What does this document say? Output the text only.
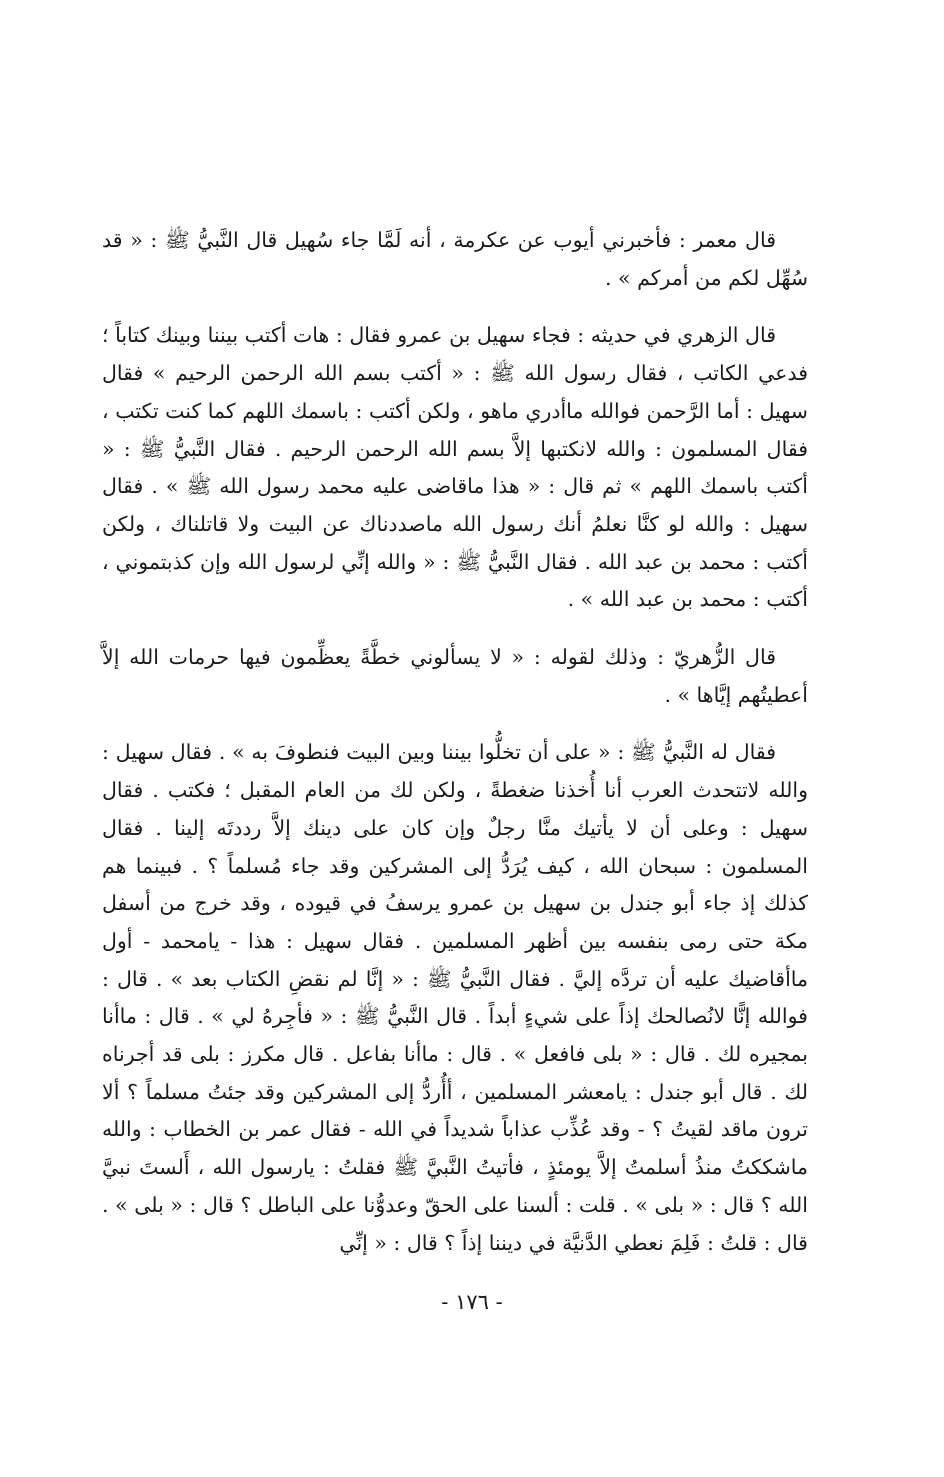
قال معمر : فأخبرني أيوب عن عكرمة ، أنه لَمَّا جاء سُهيل قال النَّبيُّ ﷺ : « قد سُهِّل لكم من أمركم » .

قال الزهري في حديثه : فجاء سهيل بن عمرو فقال : هات أكتب بيننا وبينك كتاباً ؛ فدعي الكاتب ، فقال رسول الله ﷺ : « أكتب بسم الله الرحمن الرحيم » فقال سهيل : أما الرَّحمن فوالله ماأدري ماهو ، ولكن أكتب : باسمك اللهم كما كنت تكتب ، فقال المسلمون : والله لانكتبها إلاَّ بسم الله الرحمن الرحيم . فقال النَّبيُّ ﷺ : « أكتب باسمك اللهم » ثم قال : « هذا ماقاضى عليه محمد رسول الله ﷺ » . فقال سهيل : والله لو كنَّا نعلمُ أنك رسول الله ماصددناك عن البيت ولا قاتلناك ، ولكن أكتب : محمد بن عبد الله . فقال النَّبيُّ ﷺ : « والله إنِّي لرسول الله وإن كذبتموني ، أكتب : محمد بن عبد الله » .

قال الزُّهريّ : وذلك لقوله : « لا يسألوني خطَّةً يعظِّمون فيها حرمات الله إلاَّ أعطيتُهم إيَّاها » .

فقال له النَّبيُّ ﷺ : « على أن تخلُّوا بيننا وبين البيت فنطوفَ به » . فقال سهيل : والله لاتتحدث العرب أنا أُخذنا ضغطةً ، ولكن لك من العام المقبل ؛ فكتب . فقال سهيل : وعلى أن لا يأتيك منَّا رجلٌ وإن كان على دينك إلاَّ رددتَه إلينا . فقال المسلمون : سبحان الله ، كيف يُرَدُّ إلى المشركين وقد جاء مُسلماً ؟ . فبينما هم كذلك إذ جاء أبو جندل بن سهيل بن عمرو يرسفُ في قيوده ، وقد خرج من أسفل مكة حتى رمى بنفسه بين أظهر المسلمين . فقال سهيل : هذا - يامحمد - أول ماأقاضيك عليه أن تردَّه إليَّ . فقال النَّبيُّ ﷺ : « إنَّا لم نقضِ الكتاب بعد » . قال : فوالله إنًّا لانُصالحك إذاً على شيءٍ أبداً . قال النَّبيُّ ﷺ : « فأجِرهُ لي » . قال : ماأنا بمجيره لك . قال : « بلى فافعل » . قال : ماأنا بفاعل . قال مكرز : بلى قد أجرناه لك . قال أبو جندل : يامعشر المسلمين ، أأُردُّ إلى المشركين وقد جئتُ مسلماً ؟ ألا ترون ماقد لقيتُ ؟ - وقد عُذِّب عذاباً شديداً في الله - فقال عمر بن الخطاب : والله ماشككتُ منذُ أسلمتُ إلاَّ يومئذٍ ، فأتيتُ النَّبيَّ ﷺ فقلتُ : يارسول الله ، أَلستَ نبيَّ الله ؟ قال : « بلى » . قلت : ألسنا على الحقّ وعدوُّنا على الباطل ؟ قال : « بلى » . قال : قلتُ : فَلِمَ نعطي الدَّنيَّة في ديننا إذاً ؟ قال : « إنِّي

- ١٧٦ -
